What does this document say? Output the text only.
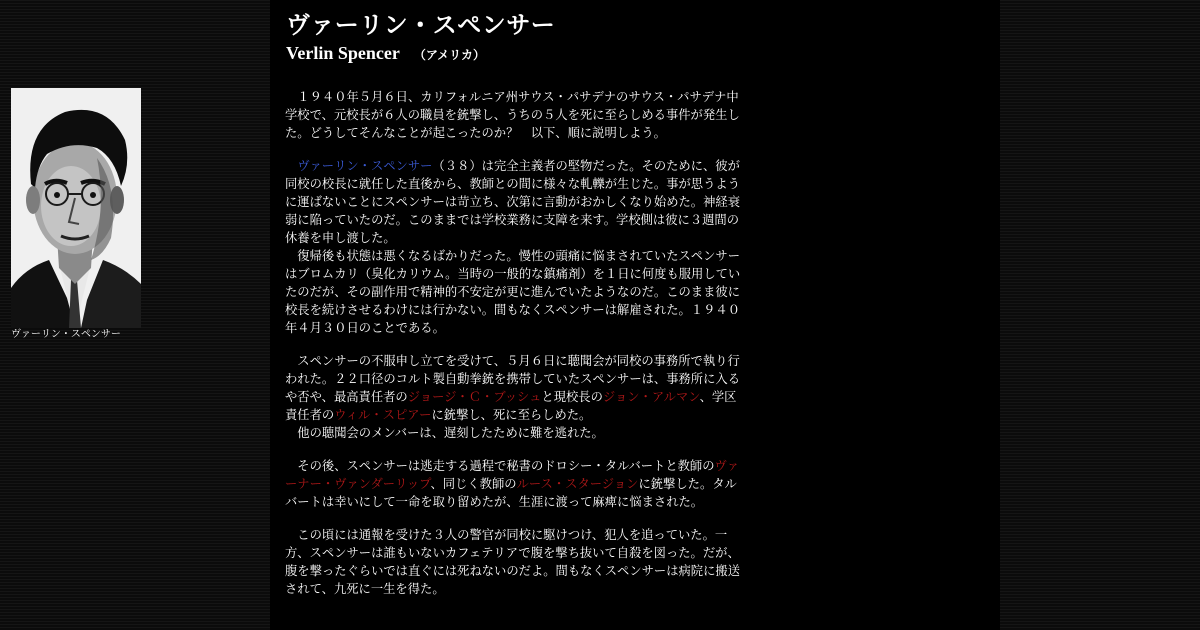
ヴァーリン・スペンサー
ヴァーリン・スペンサー
Verlin Spencer （アメリカ）

　１９４０年５月６日、カリフォルニア州サウス・パサデナのサウス・パサデナ中学校で、元校長が６人の職員を銃撃し、うちの５人を死に至らしめる事件が発生した。どうしてそんなことが起こったのか？　以下、順に説明しよう。

　ヴァーリン・スペンサー（３８）は完全主義者の堅物だった。そのために、彼が同校の校長に就任した直後から、教師との間に様々な軋轢が生じた。事が思うように運ばないことにスペンサーは苛立ち、次第に言動がおかしくなり始めた。神経衰弱に陥っていたのだ。このままでは学校業務に支障を来す。学校側は彼に３週間の休養を申し渡した。

　復帰後も状態は悪くなるばかりだった。慢性の頭痛に悩まされていたスペンサーはブロムカリ（臭化カリウム。当時の一般的な鎮痛剤）を１日に何度も服用していたのだが、その副作用で精神的不安定が更に進んでいたようなのだ。このまま彼に校長を続けさせるわけには行かない。間もなくスペンサーは解雇された。１９４０年４月３０日のことである。

　スペンサーの不服申し立てを受けて、５月６日に聴聞会が同校の事務所で執り行われた。２２口径のコルト製自動拳銃を携帯していたスペンサーは、事務所に入るや否や、最高責任者のジョージ・Ｃ・ブッシュと現校長のジョン・アルマン、学区責任者のウィル・スピアーに銃撃し、死に至らしめた。

　他の聴聞会のメンバーは、遅刻したために難を逃れた。

　その後、スペンサーは逃走する過程で秘書のドロシー・タルバートと教師のヴァーナー・ヴァンダーリップ、同じく教師のルース・スタージョンに銃撃した。タルバートは幸いにして一命を取り留めたが、生涯に渡って麻痺に悩まされた。

　この頃には通報を受けた３人の警官が同校に駆けつけ、犯人を追っていた。一方、スペンサーは誰もいないカフェテリアで腹を撃ち抜いて自殺を図った。だが、腹を撃ったぐらいでは直ぐには死ねないのだよ。間もなくスペンサーは病院に搬送されて、九死に一生を得た。
